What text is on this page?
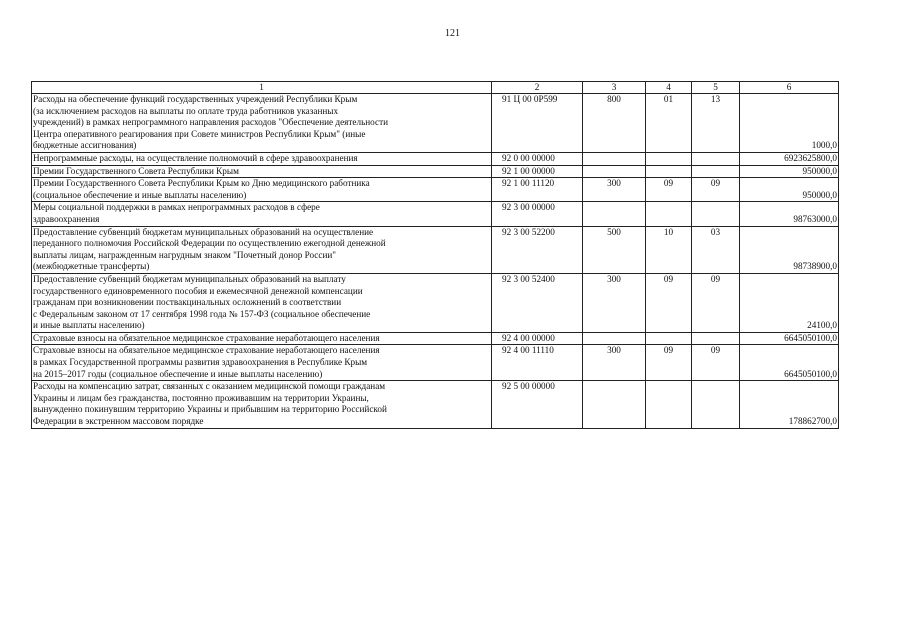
121
1	2	3	4	5	6
Расходы на обеспечение функций государственных учреждений Республики Крым
(за исключением расходов на выплаты по оплате труда работников указанных
учреждений) в рамках непрограммного направления расходов "Обеспечение деятельности
Центра оперативного реагирования при Совете министров Республики Крым" (иные
бюджетные ассигнования)	91 Ц 00 0Р599	800	01	13	1000,0
Непрограммные расходы, на осуществление полномочий в сфере здравоохранения	92 0 00 00000				6923625800,0
Премии Государственного Совета Республики Крым	92 1 00 00000				950000,0
Премии Государственного Совета Республики Крым ко Дню медицинского работника
(социальное обеспечение и иные выплаты населению)	92 1 00 11120	300	09	09	950000,0
Меры социальной поддержки в рамках непрограммных расходов в сфере
здравоохранения	92 3 00 00000				98763000,0
Предоставление субвенций бюджетам муниципальных образований на осуществление
переданного полномочия Российской Федерации по осуществлению ежегодной денежной
выплаты лицам, награжденным нагрудным знаком "Почетный донор России"
(межбюджетные трансферты)	92 3 00 52200	500	10	03	98738900,0
Предоставление субвенций бюджетам муниципальных образований на выплату
государственного единовременного пособия и ежемесячной денежной компенсации
гражданам при возникновении поствакцинальных осложнений в соответствии
с Федеральным законом от 17 сентября 1998 года № 157-ФЗ (социальное обеспечение
и иные выплаты населению)	92 3 00 52400	300	09	09	24100,0
Страховые взносы на обязательное медицинское страхование неработающего населения	92 4 00 00000				6645050100,0
Страховые взносы на обязательное медицинское страхование неработающего населения
в рамках Государственной программы развития здравоохранения в Республике Крым
на 2015–2017 годы (социальное обеспечение и иные выплаты населению)	92 4 00 11110	300	09	09	6645050100,0
Расходы на компенсацию затрат, связанных с оказанием медицинской помощи гражданам
Украины и лицам без гражданства, постоянно проживавшим на территории Украины,
вынужденно покинувшим территорию Украины и прибывшим на территорию Российской
Федерации в экстренном массовом порядке	92 5 00 00000				178862700,0
